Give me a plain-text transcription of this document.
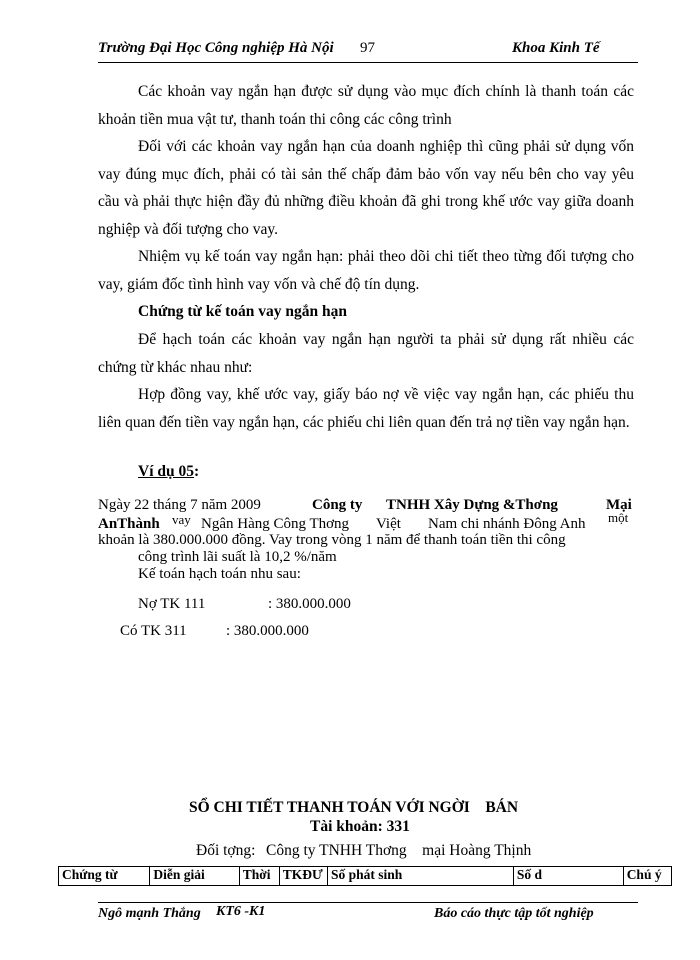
Trường Đại Học Công nghiệp Hà Nội 97	Khoa Kinh Tế
Các khoản vay ngắn hạn được sử dụng vào mục đích chính là thanh toán các khoản tiền mua vật tư, thanh toán thi công các công trình
Đối với các khoản vay ngắn hạn của doanh nghiệp thì cũng phải sử dụng vốn vay đúng mục đích, phải có tài sản thế chấp đảm bảo vốn vay nếu bên cho vay yêu cầu và phải thực hiện đầy đủ những điều khoản đã ghi trong khế ước vay giữa doanh nghiệp và đối tượng cho vay.
Nhiệm vụ kế toán vay ngắn hạn: phải theo dõi chi tiết theo từng đối tượng cho vay, giám đốc tình hình vay vốn và chế độ tín dụng.
Chứng từ kế toán vay ngắn hạn
Để hạch toán các khoản vay ngắn hạn người ta phải sử dụng rất nhiều các chứng từ khác nhau như:
Hợp đồng vay, khế ước vay, giấy báo nợ về việc vay ngắn hạn, các phiếu thu liên quan đến tiền vay ngắn hạn, các phiếu chi liên quan đến trả nợ tiền vay ngắn hạn.
Ví dụ 05:
Ngày 22 tháng 7 năm 2009	Công ty TNHH Xây Dựng &Thơng	Mại
AnThành vay Ngân Hàng Công Thơng Việt Nam chi nhánh Đông Anh một
khoản là 380.000.000 đồng. Vay trong vòng 1 năm để thanh toán tiền thi công
công trình lãi suất là 10,2 %/năm
Kế toán hạch toán nhu sau:
Nợ TK 111	: 380.000.000
Có TK 311	: 380.000.000
SỔ CHI TIẾT THANH TOÁN VỚI NGỜI    BÁN
Tài khoản: 331
Đối tợng: Công ty TNHH Thơng    mại Hoàng Thịnh
Chứng từ	Diễn giải	Thời	TKĐƯ	Số phát sinh	Số d	Chú ý
Ngô mạnh Thắng KT6 -K1	Báo cáo thực tập tốt nghiệp
